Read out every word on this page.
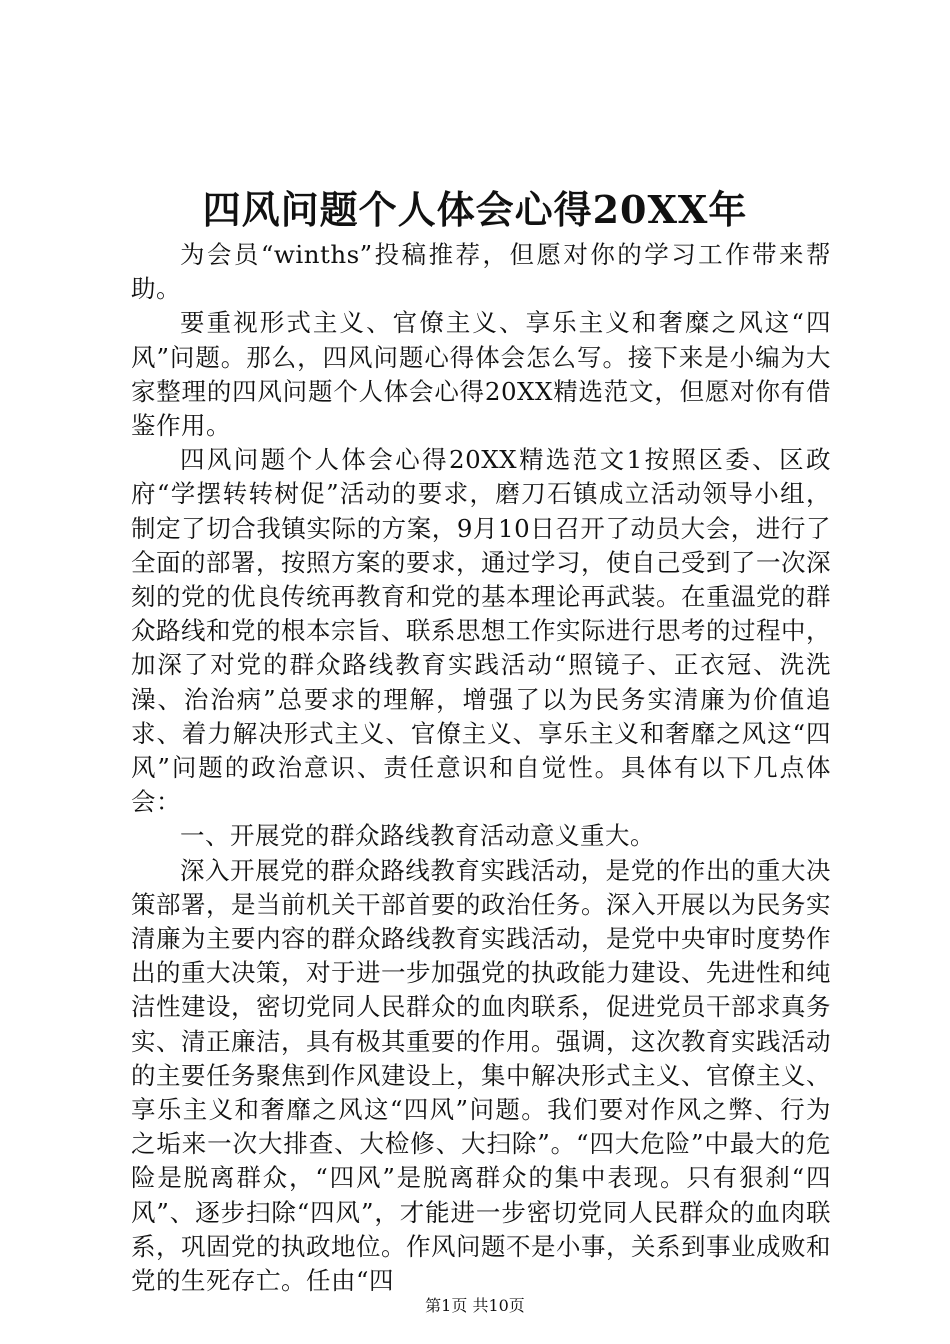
四风问题个人体会心得20XX年

为会员“winths”投稿推荐，但愿对你的学习工作带来帮助。

要重视形式主义、官僚主义、享乐主义和奢糜之风这“四风”问题。那么，四风问题心得体会怎么写。接下来是小编为大家整理的四风问题个人体会心得20XX精选范文，但愿对你有借鉴作用。

四风问题个人体会心得20XX精选范文1按照区委、区政府“学摆转转树促”活动的要求，磨刀石镇成立活动领导小组，制定了切合我镇实际的方案，9月10日召开了动员大会，进行了全面的部署，按照方案的要求，通过学习，使自己受到了一次深刻的党的优良传统再教育和党的基本理论再武装。在重温党的群众路线和党的根本宗旨、联系思想工作实际进行思考的过程中，加深了对党的群众路线教育实践活动“照镜子、正衣冠、洗洗澡、治治病”总要求的理解，增强了以为民务实清廉为价值追求、着力解决形式主义、官僚主义、享乐主义和奢靡之风这“四风”问题的政治意识、责任意识和自觉性。具体有以下几点体会：

一、开展党的群众路线教育活动意义重大。

深入开展党的群众路线教育实践活动，是党的作出的重大决策部署，是当前机关干部首要的政治任务。深入开展以为民务实清廉为主要内容的群众路线教育实践活动，是党中央审时度势作出的重大决策，对于进一步加强党的执政能力建设、先进性和纯洁性建设，密切党同人民群众的血肉联系，促进党员干部求真务实、清正廉洁，具有极其重要的作用。强调，这次教育实践活动的主要任务聚焦到作风建设上，集中解决形式主义、官僚主义、享乐主义和奢靡之风这“四风”问题。我们要对作风之弊、行为之垢来一次大排查、大检修、大扫除”。“四大危险”中最大的危险是脱离群众，“四风”是脱离群众的集中表现。只有狠刹“四风”、逐步扫除“四风”，才能进一步密切党同人民群众的血肉联系，巩固党的执政地位。作风问题不是小事，关系到事业成败和党的生死存亡。任由“四

第1页 共10页
